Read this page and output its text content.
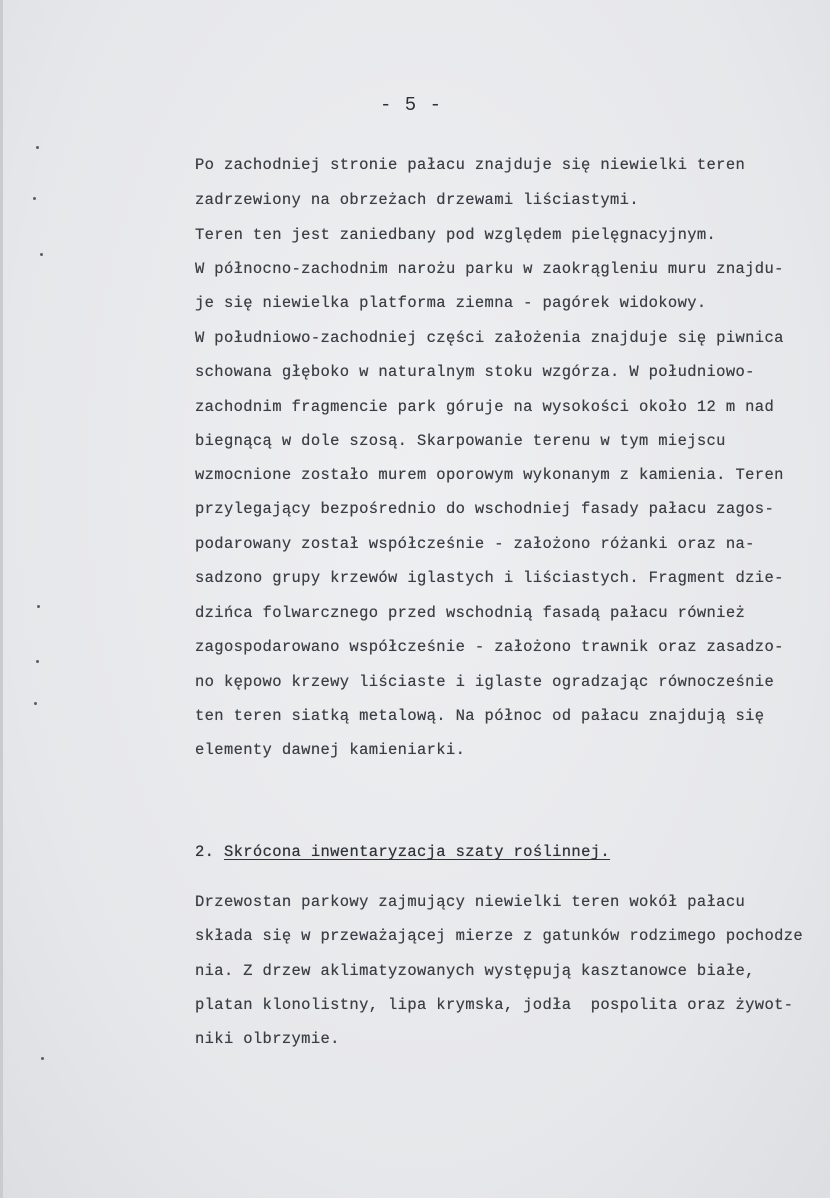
- 5 -
Po zachodniej stronie pałacu znajduje się niewielki teren
zadrzewiony na obrzeżach drzewami liściastymi.
Teren ten jest zaniedbany pod względem pielęgnacyjnym.
W północno-zachodnim narożu parku w zaokrągleniu muru znajdu-
je się niewielka platforma ziemna - pagórek widokowy.
W południowo-zachodniej części założenia znajduje się piwnica
schowana głęboko w naturalnym stoku wzgórza. W południowo-
zachodnim fragmencie park góruje na wysokości około 12 m nad
biegnącą w dole szosą. Skarpowanie terenu w tym miejscu
wzmocnione zostało murem oporowym wykonanym z kamienia. Teren
przylegający bezpośrednio do wschodniej fasady pałacu zagos-
podarowany został współcześnie - założono różanki oraz na-
sadzono grupy krzewów iglastych i liściastych. Fragment dzie-
dzińca folwarcznego przed wschodnią fasadą pałacu również
zagospodarowano współcześnie - założono trawnik oraz zasadzo-
no kępowo krzewy liściaste i iglaste ogradzając równocześnie
ten teren siatką metalową. Na północ od pałacu znajdują się
elementy dawnej kamieniarki.
2. Skrócona inwentaryzacja szaty roślinnej.
Drzewostan parkowy zajmujący niewielki teren wokół pałacu
składa się w przeważającej mierze z gatunków rodzimego pochodze
nia. Z drzew aklimatyzowanych występują kasztanowce białe,
platan klonolistny, lipa krymska, jodła  pospolita oraz żywot-
niki olbrzymie.
